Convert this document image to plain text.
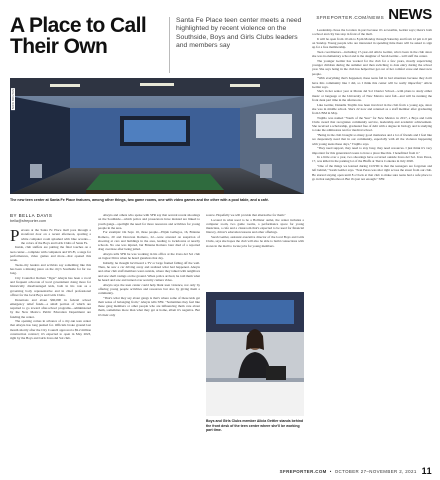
SFREPORTER.COM/NEWS NEWS
A Place to Call Their Own
Santa Fe Place teen center meets a need highlighted by recent violence on the Southside, Boys and Girls Clubs leaders and members say
NICK BOUTAS
The new teen center at Santa Fe Place features, among other things, two game rooms, one with video games and the other with a pool table, and a café.
BY BELLA DAVIS
bella@sfreporter.com

Persons at the Santa Fe Place mall pore through a storefront door on a recent afternoon, spotting a white computer room splashed with blue accents—the colors of the Boys and Girls Clubs of Santa Fe.

Inside, club staffers are putting the final touches on a teen center—complete with computers and Wi-Fi, a stage for performances, video games and more—that opened this week.

Teens-city leaders and activists say something like this has been a missing piece on the city's Southside for far too long.

City Councilor Roman "Tiger" Abeyta has been a vocal and frequent advocate of local government doing more for historically disadvantaged kids, both in his role as a governing body representative and in chief professional officer for the local Boys and Girls Clubs.

Donations and about $60,000 in federal school emergency relief funds—a small portion of which are required to go toward after-school programs—administered by the New Mexico Public Education Department are funding the center.

The opening comes in advance of a city-run teen center that Abeyta has long pushed for. Officials broke ground last month shortly after the City Council approved a $9.2 million construction contract; it's expected to open in May 2023, right by the Boys and Girls Zona del Sol club.

Abeyta and others who spoke with SFR say that several recent shootings on the Southside—which police and prosecutors have insisted are linked to youth gangs—spotlight the need for more resources and activities for young people in the area.

For example: On Sept. 16, three people—Elijah Gallegos, 16, Brianna Romero, 20 and Donovan Romero, 22—were arrested on suspicion of shooting at cars and buildings in the area, leading to lockdowns at nearby schools. No one was injured, but Brianna Romero later died of a reported drug overdose after being jailed.

Abeyta tells SFR he was working in his office at the Zona del Sol club on Jaguar Drive when he heard gunshots that day.

Initially, he thought he'd heard a TV or large framed falling off the wall. Then, he saw a car driving away and realized what had happened. Abeyta and other club staff members went outside, where they talked with neighbors and saw shell casings on the ground. When police arrived, he told them what he heard and saw and turned over security camera video.

Abeyta says the teen center could help blunt teen violence, not only by offering young people activities and resources but also by giving them a community.

"That's what they say about gangs is that's where some of these kids get their sense of belonging from," Abeyta tells SFR. "Sometimes they feel like these gang members or other people who are influencing them care about them, sometimes more than what they get at home, albeit it's negative. But it's their only

source. Hopefully we will provide that alternative for them."

Located in what used to be a Hollister outlet, the center includes a computer room, two game rooms, a performance space for young musicians, a cafe and a classroom that's expected to be used for financial literacy, driver's education lessons and other offerings.

Sarah Gettler, assistant executive director of the local Boys and Girls Clubs, says she hopes the club will also be able to build connections with stores in the mall to locate jobs for young members.

Boys and Girls Clubs member Alicia Gettler stands behind the front desk of the teen center where she'll be working part time.

Leadership chose the location in part because it's accessible, Gettler says; there's both a school and city bus stop in front of the mall.

It will be open from 10 am to 8 pm Monday through Saturday and from 12 pm to 6 pm on Sunday. Young people who are interested in spending time there will be asked to sign up for a free membership.

Teen coordinators—including 17-year-old Alicia Gettler, who's been in the club since she was in elementary school and is the daughter of Sarah Gettler—will staff the center.

The younger Gettler has worked for the club for a few years, mostly supervising younger children during the summer and then switching to data entry during the school year. She says being in the club has helped her get out of her comfort zone and meet new people.

"With everything that's happened, these teens fall in bad situations because they don't have this community like I did, so I think this center will be really impactful," Alicia Gettler says.

She's in her senior year at Monte del Sol Charter School—with plans to study either music or language at the University of New Mexico next fall—and will be running the front desk part time in the afternoons.

Like Gettler, Danielle Trujillo has been involved in the club from a young age, since she was in middle school. She's 22 now and returned as a staff member after graduating from UNM in May.

Trujillo was named "Youth of the Year" for New Mexico in 2017, a Boys and Girls Clubs award that recognizes community service, leadership and academic achievement. She received a scholarship, graduated free of debt with a degree in biology and is studying to take the admissions test for medical school.

"Being in the club brought so many good memories and a lot of friends and I feel like we desperately need that in our community, especially with all the violence happening with young teens these days," Trujillo says.

"They need support, they need to stay busy, they need resources. I just think it's very important for this generation's teens to have a place like this. I benefitted from it."

In a little over a year, two shootings have occurred outside Zona del Sol. Ivan Perea, 17, was killed in the parking lot of the Bluffs at Tierra Contenta in July 2020.

"One of the things we learned during COVID is that the teenagers are forgotten and left behind," Sarah Gettler says. "Ivan Perea was shot right across the street from our club. He started staying open until 8 o'clock at that club to make sure teens had a safe place to go in that neighborhood. But it's just not enough." SFR

SFREPORTER.COM • OCTOBER 27–NOVEMBER 2, 2021 11
